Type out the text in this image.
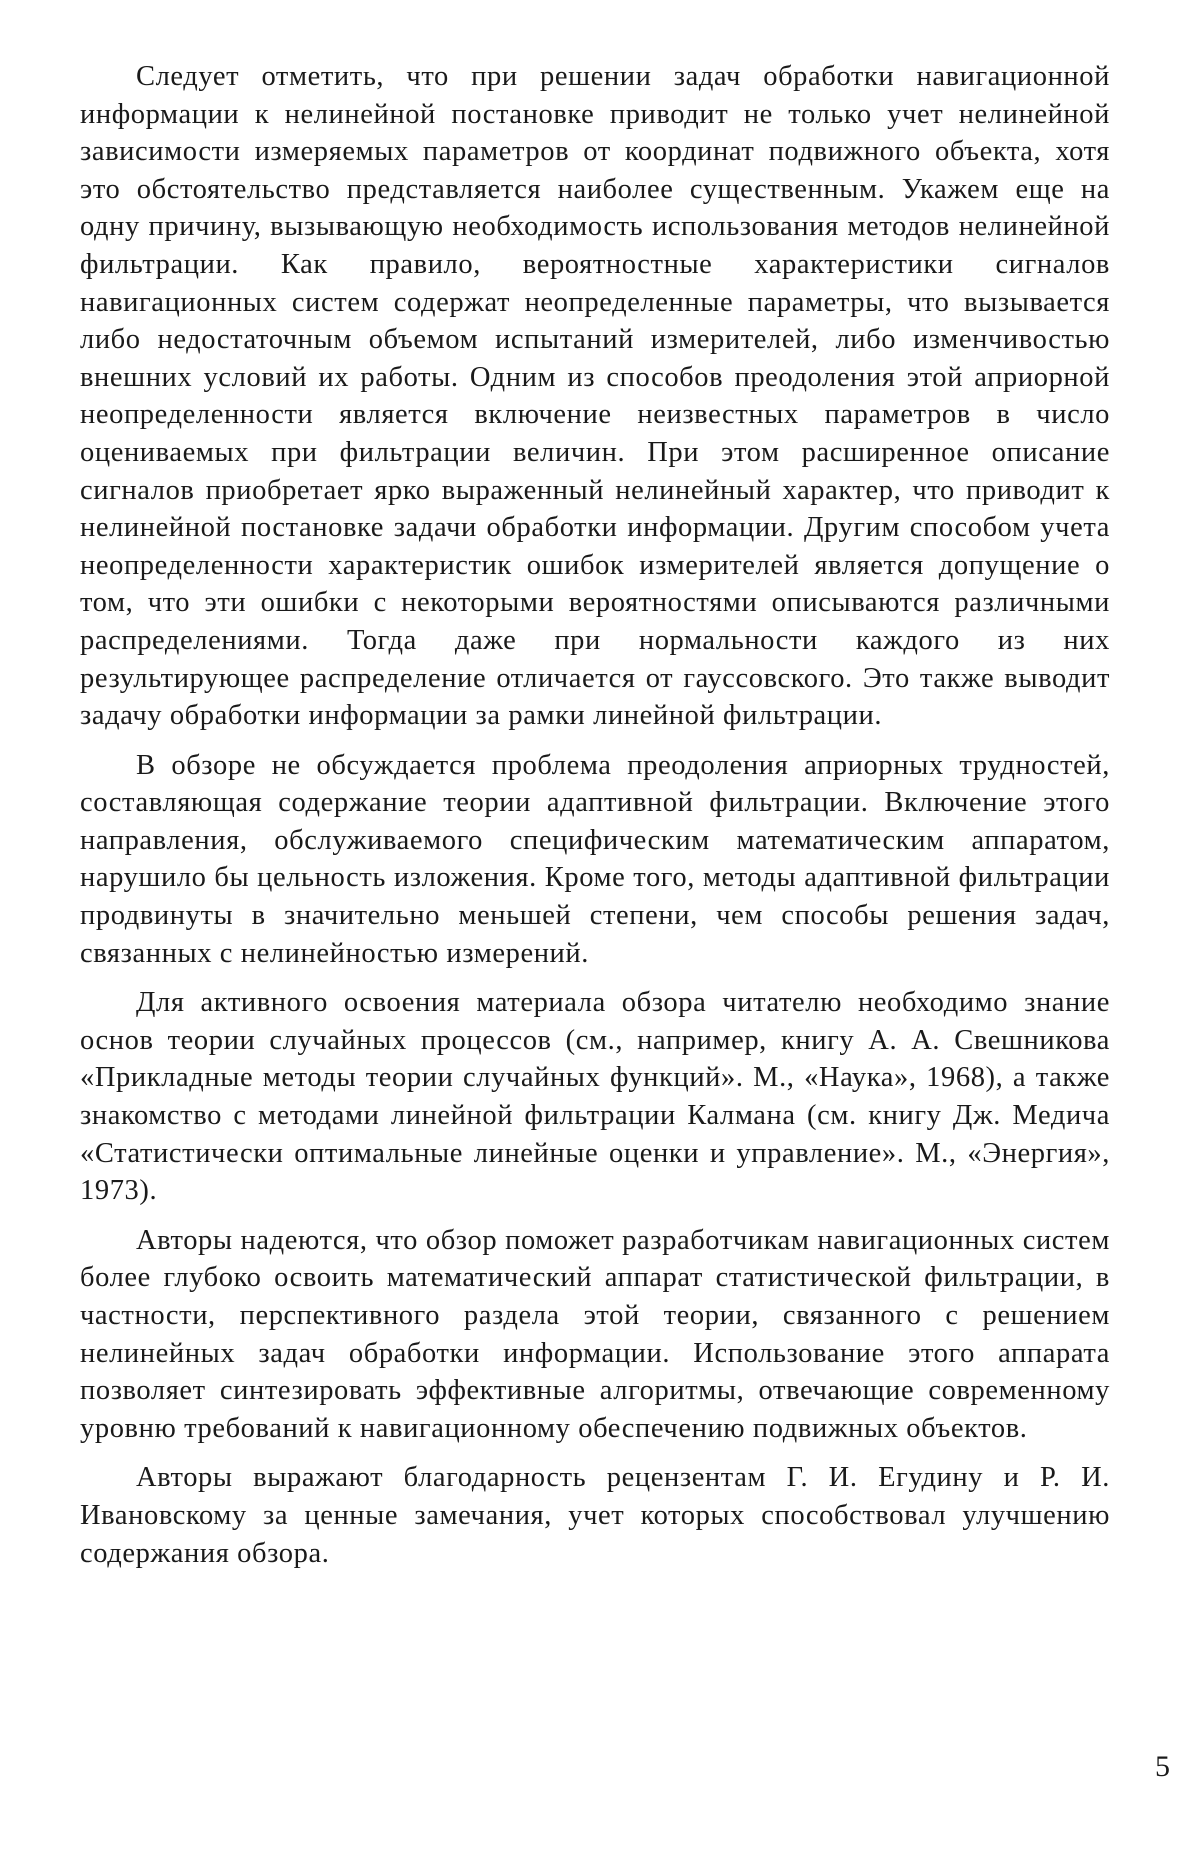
Следует отметить, что при решении задач обработки навигационной информации к нелинейной постановке приводит не только учет нелинейной зависимости измеряемых параметров от координат подвижного объекта, хотя это обстоятельство представляется наиболее существенным. Укажем еще на одну причину, вызывающую необходимость использования методов нелинейной фильтрации. Как правило, вероятностные характеристики сигналов навигационных систем содержат неопределенные параметры, что вызывается либо недостаточным объемом испытаний измерителей, либо изменчивостью внешних условий их работы. Одним из способов преодоления этой априорной неопределенности является включение неизвестных параметров в число оцениваемых при фильтрации величин. При этом расширенное описание сигналов приобретает ярко выраженный нелинейный характер, что приводит к нелинейной постановке задачи обработки информации. Другим способом учета неопределенности характеристик ошибок измерителей является допущение о том, что эти ошибки с некоторыми вероятностями описываются различными распределениями. Тогда даже при нормальности каждого из них результирующее распределение отличается от гауссовского. Это также выводит задачу обработки информации за рамки линейной фильтрации.

В обзоре не обсуждается проблема преодоления априорных трудностей, составляющая содержание теории адаптивной фильтрации. Включение этого направления, обслуживаемого специфическим математическим аппаратом, нарушило бы цельность изложения. Кроме того, методы адаптивной фильтрации продвинуты в значительно меньшей степени, чем способы решения задач, связанных с нелинейностью измерений.

Для активного освоения материала обзора читателю необходимо знание основ теории случайных процессов (см., например, книгу А. А. Свешникова «Прикладные методы теории случайных функций». М., «Наука», 1968), а также знакомство с методами линейной фильтрации Калмана (см. книгу Дж. Медича «Статистически оптимальные линейные оценки и управление». М., «Энергия», 1973).

Авторы надеются, что обзор поможет разработчикам навигационных систем более глубоко освоить математический аппарат статистической фильтрации, в частности, перспективного раздела этой теории, связанного с решением нелинейных задач обработки информации. Использование этого аппарата позволяет синтезировать эффективные алгоритмы, отвечающие современному уровню требований к навигационному обеспечению подвижных объектов.

Авторы выражают благодарность рецензентам Г. И. Егудину и Р. И. Ивановскому за ценные замечания, учет которых способствовал улучшению содержания обзора.

5
